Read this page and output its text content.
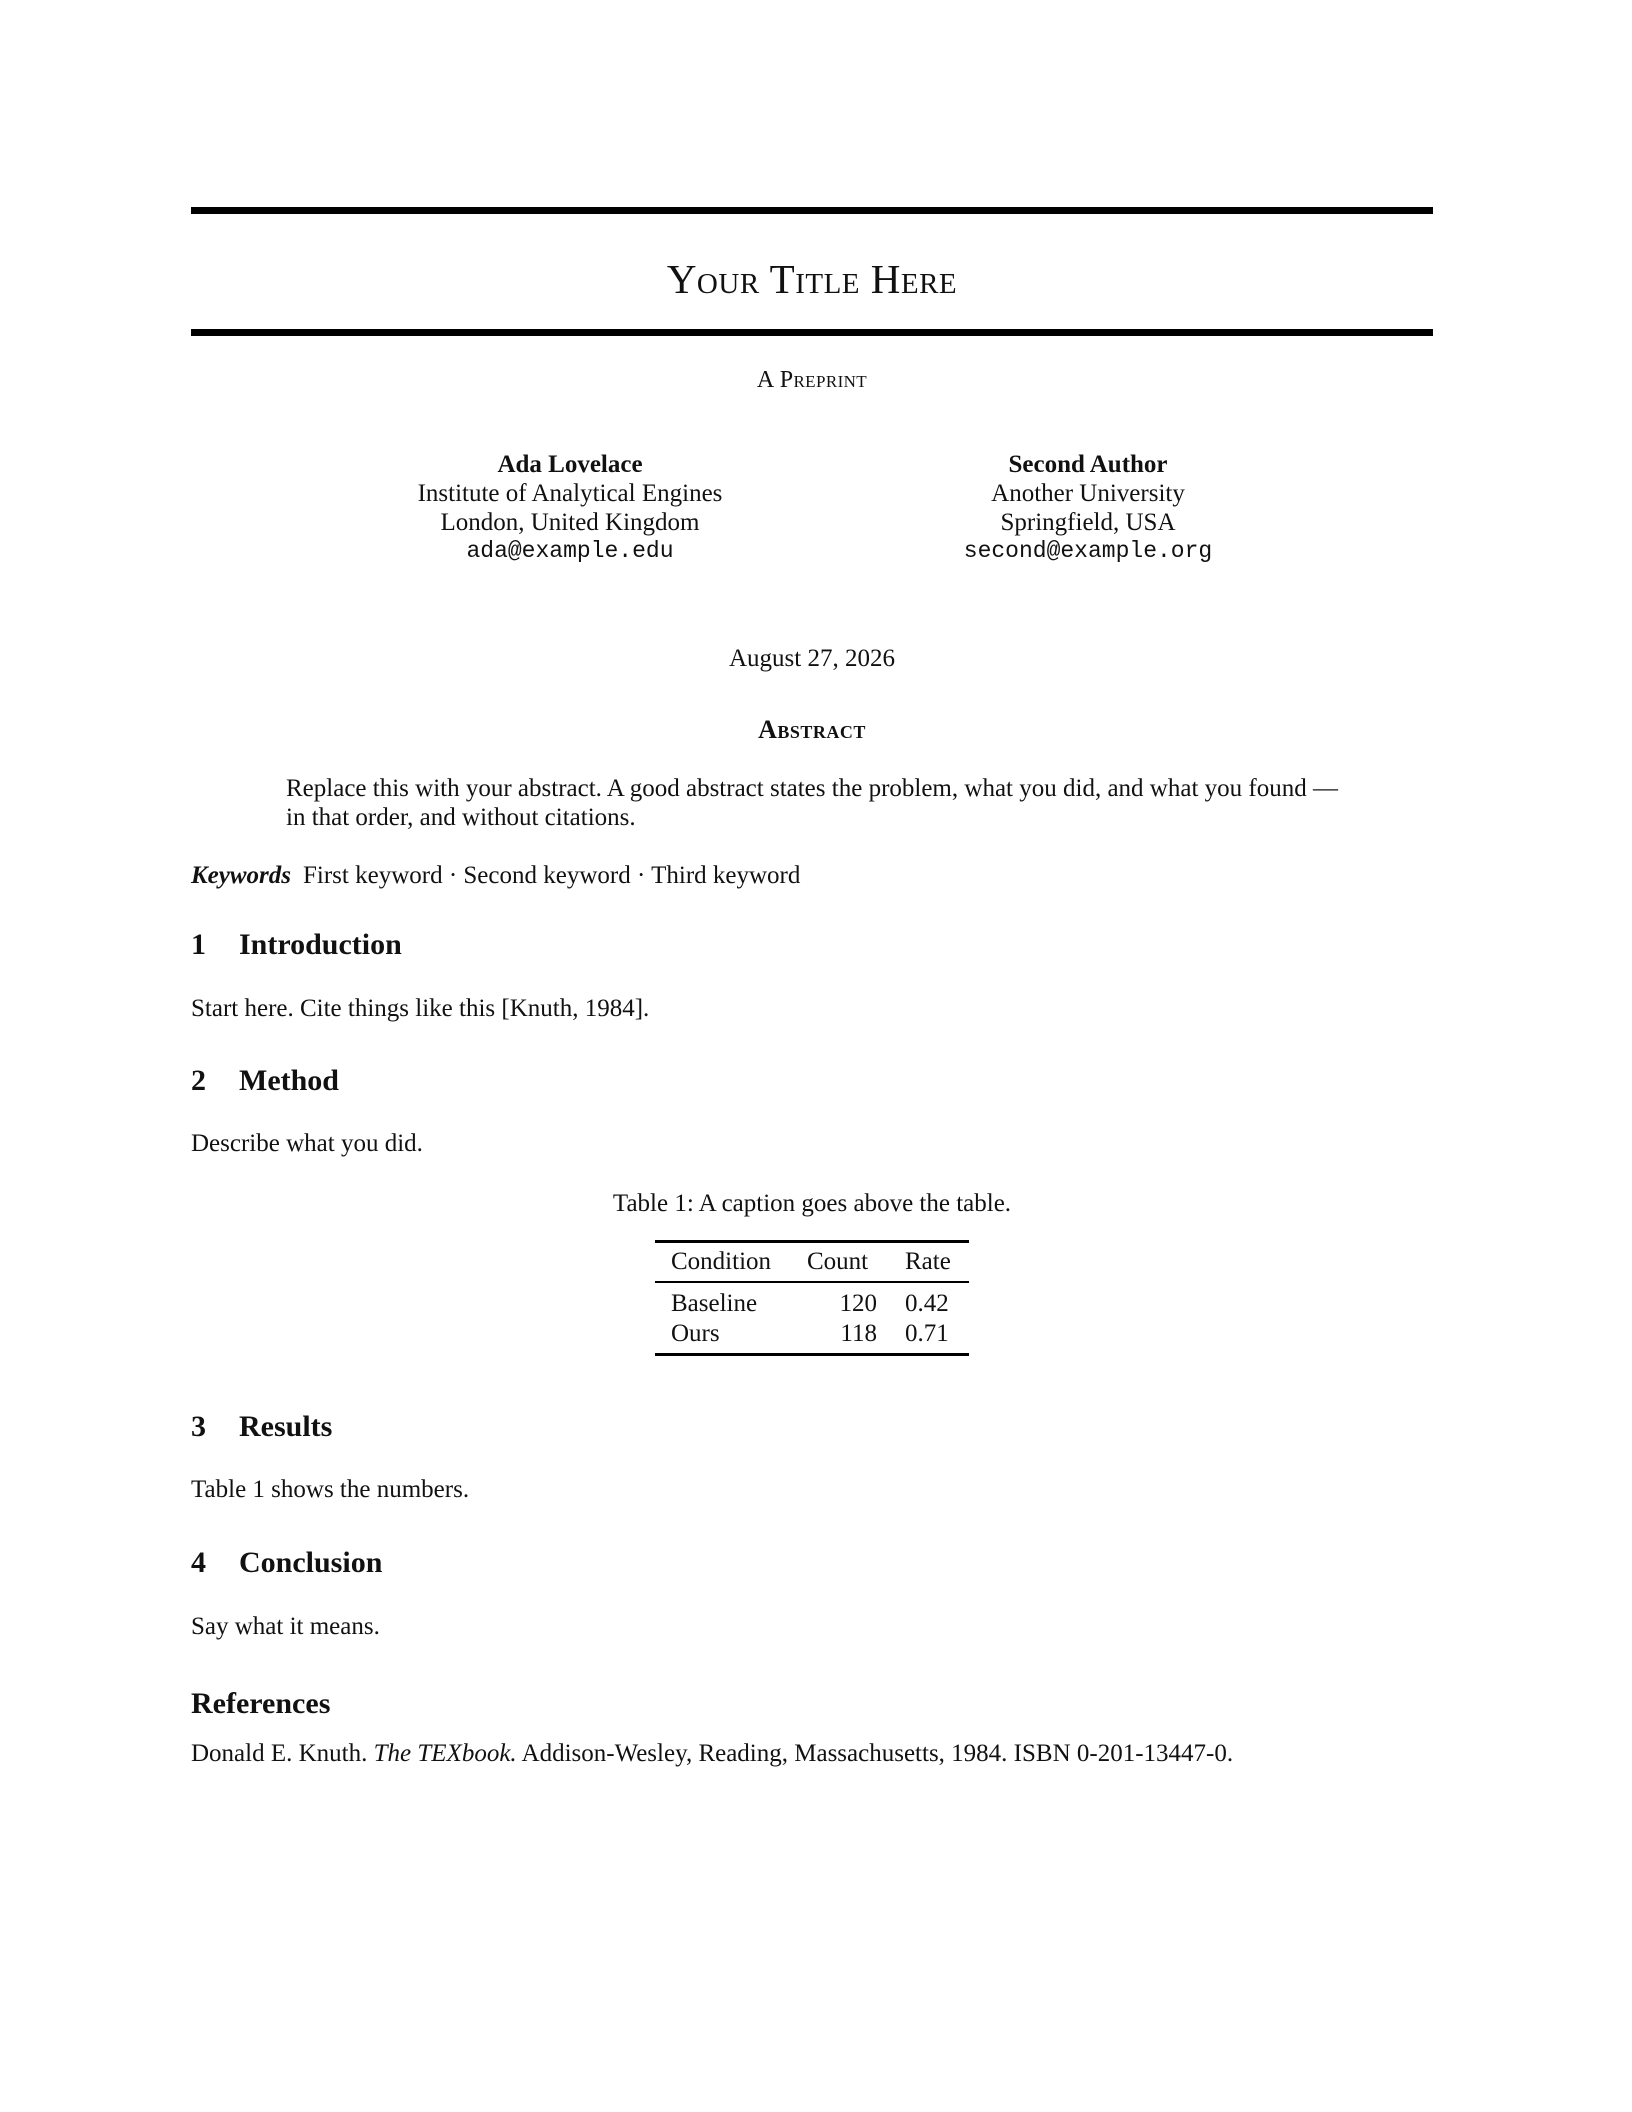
Your Title Here
A Preprint
Ada Lovelace
Institute of Analytical Engines
London, United Kingdom
ada@example.edu
Second Author
Another University
Springfield, USA
second@example.org
August 27, 2026
Abstract
Replace this with your abstract. A good abstract states the problem, what you did, and what you found — in that order, and without citations.
Keywords First keyword · Second keyword · Third keyword
1 Introduction
Start here. Cite things like this [Knuth, 1984].
2 Method
Describe what you did.
Table 1: A caption goes above the table.
Condition Count Rate
Baseline	120 0.42
Ours	118 0.71
3 Results
Table 1 shows the numbers.
4 Conclusion
Say what it means.
References
Donald E. Knuth. The TEXbook. Addison-Wesley, Reading, Massachusetts, 1984. ISBN 0-201-13447-0.
